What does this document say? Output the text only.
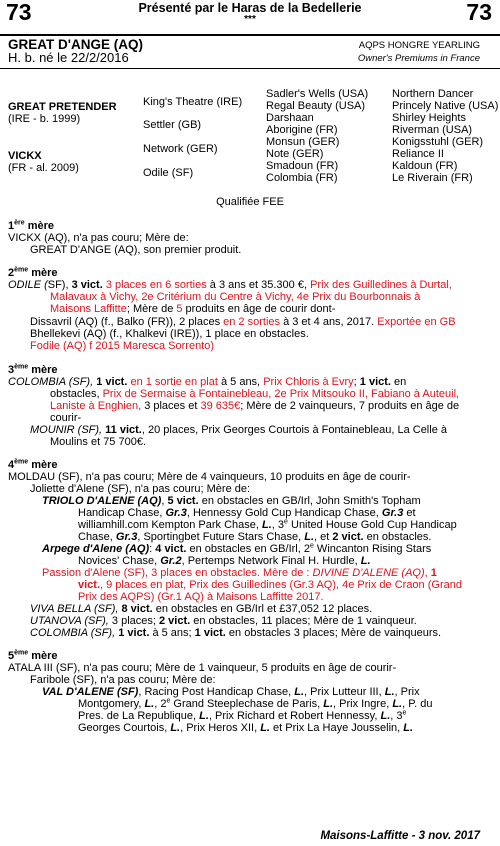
73	73
Présenté par le Haras de la Bedellerie
***
GREAT D'ANGE (AQ)
H. b. né le 22/2/2016
AQPS HONGRE YEARLING
Owner's Premiums in France
GREAT PRETENDER
(IRE - b. 1999)
VICKX
(FR - al. 2009)
King's Theatre (IRE)
Settler (GB)
Network (GER)
Odile (SF)
Sadler's Wells (USA)
Regal Beauty (USA)
Darshaan
Aborigine (FR)
Monsun (GER)
Note (GER)
Smadoun (FR)
Colombia (FR)
Northern Dancer
Princely Native (USA)
Shirley Heights
Riverman (USA)
Konigsstuhl (GER)
Reliance II
Kaldoun (FR)
Le Riverain (FR)
Qualifiée FEE
1ère mère
VICKX (AQ), n'a pas couru; Mère de:
GREAT D'ANGE (AQ), son premier produit.
2ème mère
ODILE (SF), 3 vict. 3 places en 6 sorties à 3 ans et 35.300 €, Prix des Guilledines à Durtal,
Malavaux à Vichy, 2e Critérium du Centre à Vichy, 4e Prix du Bourbonnais à
Maisons Laffitte; Mère de 5 produits en âge de courir dont-
Dissavril (AQ) (f., Balko (FR)), 2 places en 2 sorties à 3 et 4 ans, 2017. Exportée en GB
Bhellekevi (AQ) (f., Khalkevi (IRE)), 1 place en obstacles.
Fodile (AQ) f 2015 Maresca Sorrento)
3ème mère
COLOMBIA (SF), 1 vict. en 1 sortie en plat à 5 ans, Prix Chloris à Evry; 1 vict. en
obstacles, Prix de Sermaise à Fontainebleau, 2e Prix Mitsouko II, Fabiano à Auteuil,
Laniste à Enghien, 3 places et 39 635€; Mère de 2 vainqueurs, 7 produits en âge de
courir-
MOUNIR (SF), 11 vict., 20 places, Prix Georges Courtois à Fontainebleau, La Celle à
Moulins et 75 700€.
4ème mère
MOLDAU (SF), n'a pas couru; Mère de 4 vainqueurs, 10 produits en âge de courir-
Joliette d'Alene (SF), n'a pas couru; Mère de:
TRIOLO D'ALENE (AQ), 5 vict. en obstacles en GB/Irl, John Smith's Topham
Handicap Chase, Gr.3, Hennessy Gold Cup Handicap Chase, Gr.3 et
williamhill.com Kempton Park Chase, L., 3e United House Gold Cup Handicap
Chase, Gr.3, Sportingbet Future Stars Chase, L., et 2 vict. en obstacles.
Arpege d'Alene (AQ): 4 vict. en obstacles en GB/Irl, 2e Wincanton Rising Stars
Novices' Chase, Gr.2, Pertemps Network Final H. Hurdle, L.
Passion d'Alene (SF), 3 places en obstacles. Mère de : DIVINE D'ALENE (AQ), 1
vict., 9 places en plat, Prix des Guilledines (Gr.3 AQ), 4e Prix de Craon (Grand
Prix des AQPS) (Gr.1 AQ) à Maisons Laffitte 2017.
VIVA BELLA (SF), 8 vict. en obstacles en GB/Irl et £37,052 12 places.
UTANOVA (SF), 3 places; 2 vict. en obstacles, 11 places; Mère de 1 vainqueur.
COLOMBIA (SF), 1 vict. à 5 ans; 1 vict. en obstacles 3 places; Mère de vainqueurs.
5ème mère
ATALA III (SF), n'a pas couru; Mère de 1 vainqueur, 5 produits en âge de courir-
Faribole (SF), n'a pas couru; Mère de:
VAL D'ALENE (SF), Racing Post Handicap Chase, L., Prix Lutteur III, L., Prix
Montgomery, L., 2e Grand Steeplechase de Paris, L., Prix Ingre, L., P. du
Pres. de La Republique, L., Prix Richard et Robert Hennessy, L., 3e
Georges Courtois, L., Prix Heros XII, L. et Prix La Haye Jousselin, L.
Maisons-Laffitte - 3 nov. 2017
